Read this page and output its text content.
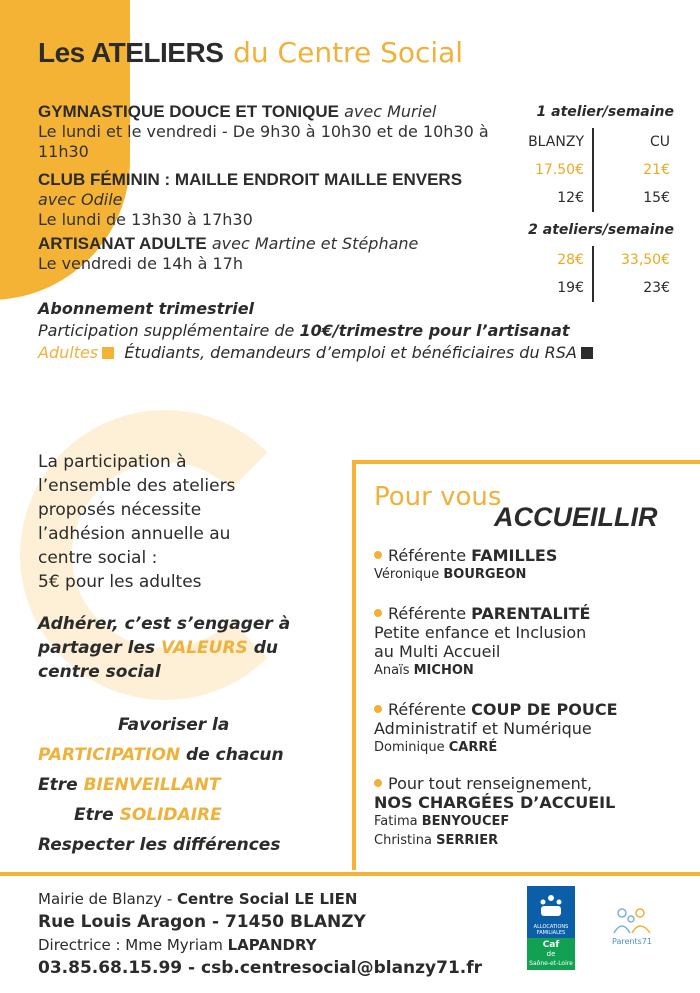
Les ATELIERS du Centre Social
GYMNASTIQUE DOUCE ET TONIQUE avec Muriel
Le lundi et le vendredi - De 9h30 à 10h30 et de 10h30 à 11h30
CLUB FÉMININ : MAILLE ENDROIT MAILLE ENVERS
avec Odile
Le lundi de 13h30 à 17h30
ARTISANAT ADULTE avec Martine et Stéphane
Le vendredi de 14h à 17h
1 atelier/semaine
BLANZY	CU
17.50€	21€
12€	15€
2 ateliers/semaine
28€	33,50€
19€	23€
Abonnement trimestriel
Participation supplémentaire de 10€/trimestre pour l’artisanat
Adultes Étudiants, demandeurs d’emploi et bénéficiaires du RSA
La participation à
l’ensemble des ateliers
proposés nécessite
l’adhésion annuelle au
centre social :
5€ pour les adultes
Adhérer, c’est s’engager à
partager les VALEURS du
centre social
Favoriser la
PARTICIPATION de chacun
Etre BIENVEILLANT
Etre SOLIDAIRE
Respecter les différences
Pour vous
ACCUEILLIR
Référente FAMILLES
Véronique BOURGEON
Référente PARENTALITÉ
Petite enfance et Inclusion
au Multi Accueil
Anaïs MICHON
Référente COUP DE POUCE
Administratif et Numérique
Dominique CARRÉ
Pour tout renseignement,
NOS CHARGÉES D’ACCUEIL
Fatima BENYOUCEF
Christina SERRIER
Mairie de Blanzy - Centre Social LE LIEN
Rue Louis Aragon - 71450 BLANZY
Directrice : Mme Myriam LAPANDRY
03.85.68.15.99 - csb.centresocial@blanzy71.fr
ALLOCATIONS FAMILIALES
Caf
de
Saône-et-Loire
Parents71
